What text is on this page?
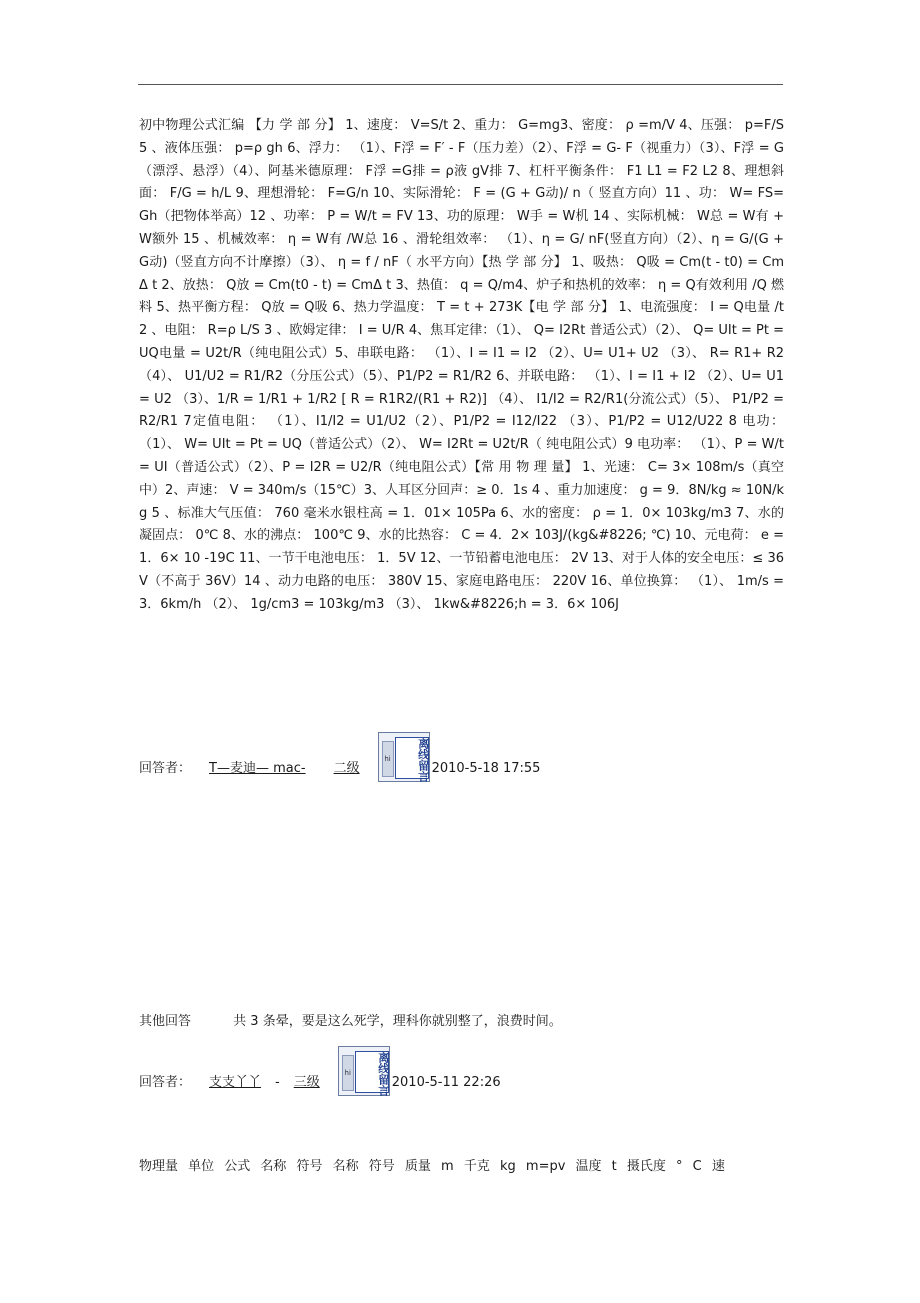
初中物理公式汇编 【力 学 部 分】 1、速度： V=S/t 2、重力： G=mg3、密度： ρ =m/V 4、压强： p=F/S 5 、液体压强： p=ρ gh 6、浮力： （1）、F浮 = F′ - F（压力差）（2）、F浮 = G- F（视重力）（3）、F浮 = G（漂浮、悬浮）（4）、阿基米德原理： F浮 =G排 = ρ液 gV排 7、杠杆平衡条件： F1 L1 = F2 L2 8、理想斜面： F/G = h/L 9、理想滑轮： F=G/n 10、实际滑轮： F = (G + G动)/ n（ 竖直方向）11 、功： W= FS= Gh（把物体举高）12 、功率： P = W/t = FV 13、功的原理： W手 = W机 14 、实际机械： W总 = W有 + W额外 15 、机械效率： η = W有 /W总 16 、滑轮组效率： （1）、η = G/ nF(竖直方向）（2）、η = G/(G + G动)（竖直方向不计摩擦）（3）、 η = f / nF（ 水平方向）【热 学 部 分】 1、吸热： Q吸 = Cm(t - t0) = CmΔ t 2、放热： Q放 = Cm(t0 - t) = CmΔ t 3、热值： q = Q/m4、炉子和热机的效率： η = Q有效利用 /Q 燃料 5、热平衡方程： Q放 = Q吸 6、热力学温度： T = t + 273K【电 学 部 分】 1、电流强度： I = Q电量 /t 2 、电阻： R=ρ L/S 3 、欧姆定律： I = U/R 4、焦耳定律：（1）、 Q= I2Rt 普适公式）（2）、 Q= UIt = Pt = UQ电量 = U2t/R（纯电阻公式）5、串联电路： （1）、I = I1 = I2 （2）、U= U1+ U2 （3）、 R= R1+ R2 （4）、 U1/U2 = R1/R2（分压公式）（5）、P1/P2 = R1/R2 6、并联电路： （1）、I = I1 + I2 （2）、U= U1 = U2 （3）、1/R = 1/R1 + 1/R2 [ R = R1R2/(R1 + R2)] （4）、 I1/I2 = R2/R1(分流公式）（5）、 P1/P2 = R2/R1 7定值电阻： （1）、I1/I2 = U1/U2（2）、P1/P2 = I12/I22 （3）、P1/P2 = U12/U22 8 电功： （1）、 W= UIt = Pt = UQ（普适公式）（2）、 W= I2Rt = U2t/R（ 纯电阻公式）9 电功率： （1）、P = W/t = UI（普适公式）（2）、P = I2R = U2/R（纯电阻公式）【常 用 物 理 量】 1、光速： C= 3× 108m/s（真空中）2、声速： V = 340m/s（15℃）3、人耳区分回声：≥ 0．1s 4 、重力加速度： g = 9．8N/kg ≈ 10N/kg 5 、标准大气压值： 760 毫米水银柱高 = 1．01× 105Pa 6、水的密度： ρ = 1．0× 103kg/m3 7、水的凝固点： 0℃ 8、水的沸点： 100℃ 9、水的比热容： C = 4．2× 103J/(kg&#8226; ℃) 10、元电荷： e = 1．6× 10 -19C 11、一节干电池电压： 1．5V 12、一节铅蓄电池电压： 2V 13、对于人体的安全电压：≤ 36V（不高于 36V）14 、动力电路的电压： 380V 15、家庭电路电压： 220V 16、单位换算： （1）、 1m/s = 3．6km/h （2）、 1g/cm3 = 103kg/m3 （3）、 1kw&#8226;h = 3．6× 106J

回答者： T—麦迪— mac- 二级
hi	离线留言 2010-5-18 17:55
其他回答	共 3 条晕，要是这么死学，理科你就别整了，浪费时间。
回答者： 支支丫丫 - 三级
hi	离线留言 2010-5-11 22:26
物理量 单位 公式 名称 符号 名称 符号 质量 m 千克 kg m=pv 温度 t 摄氏度 ° C 速
